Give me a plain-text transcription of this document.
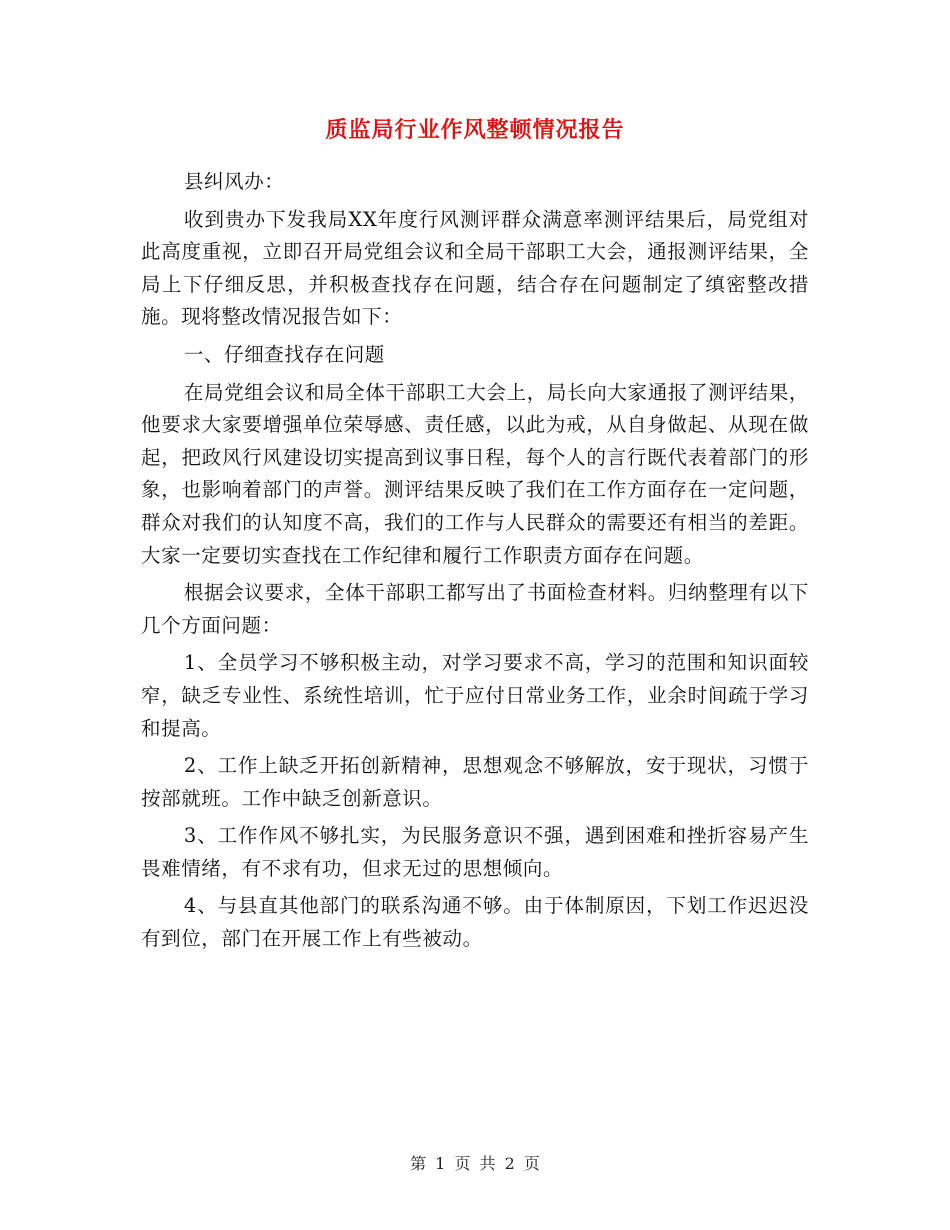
质监局行业作风整顿情况报告

县纠风办：

收到贵办下发我局XX年度行风测评群众满意率测评结果后，局党组对此高度重视，立即召开局党组会议和全局干部职工大会，通报测评结果，全局上下仔细反思，并积极查找存在问题，结合存在问题制定了缜密整改措施。现将整改情况报告如下：

一、仔细查找存在问题

在局党组会议和局全体干部职工大会上，局长向大家通报了测评结果，他要求大家要增强单位荣辱感、责任感，以此为戒，从自身做起、从现在做起，把政风行风建设切实提高到议事日程，每个人的言行既代表着部门的形象，也影响着部门的声誉。测评结果反映了我们在工作方面存在一定问题，群众对我们的认知度不高，我们的工作与人民群众的需要还有相当的差距。大家一定要切实查找在工作纪律和履行工作职责方面存在问题。

根据会议要求，全体干部职工都写出了书面检查材料。归纳整理有以下几个方面问题：

1、全员学习不够积极主动，对学习要求不高，学习的范围和知识面较窄，缺乏专业性、系统性培训，忙于应付日常业务工作，业余时间疏于学习和提高。

2、工作上缺乏开拓创新精神，思想观念不够解放，安于现状，习惯于按部就班。工作中缺乏创新意识。

3、工作作风不够扎实，为民服务意识不强，遇到困难和挫折容易产生畏难情绪，有不求有功，但求无过的思想倾向。

4、与县直其他部门的联系沟通不够。由于体制原因，下划工作迟迟没有到位，部门在开展工作上有些被动。

第 1 页 共 2 页
